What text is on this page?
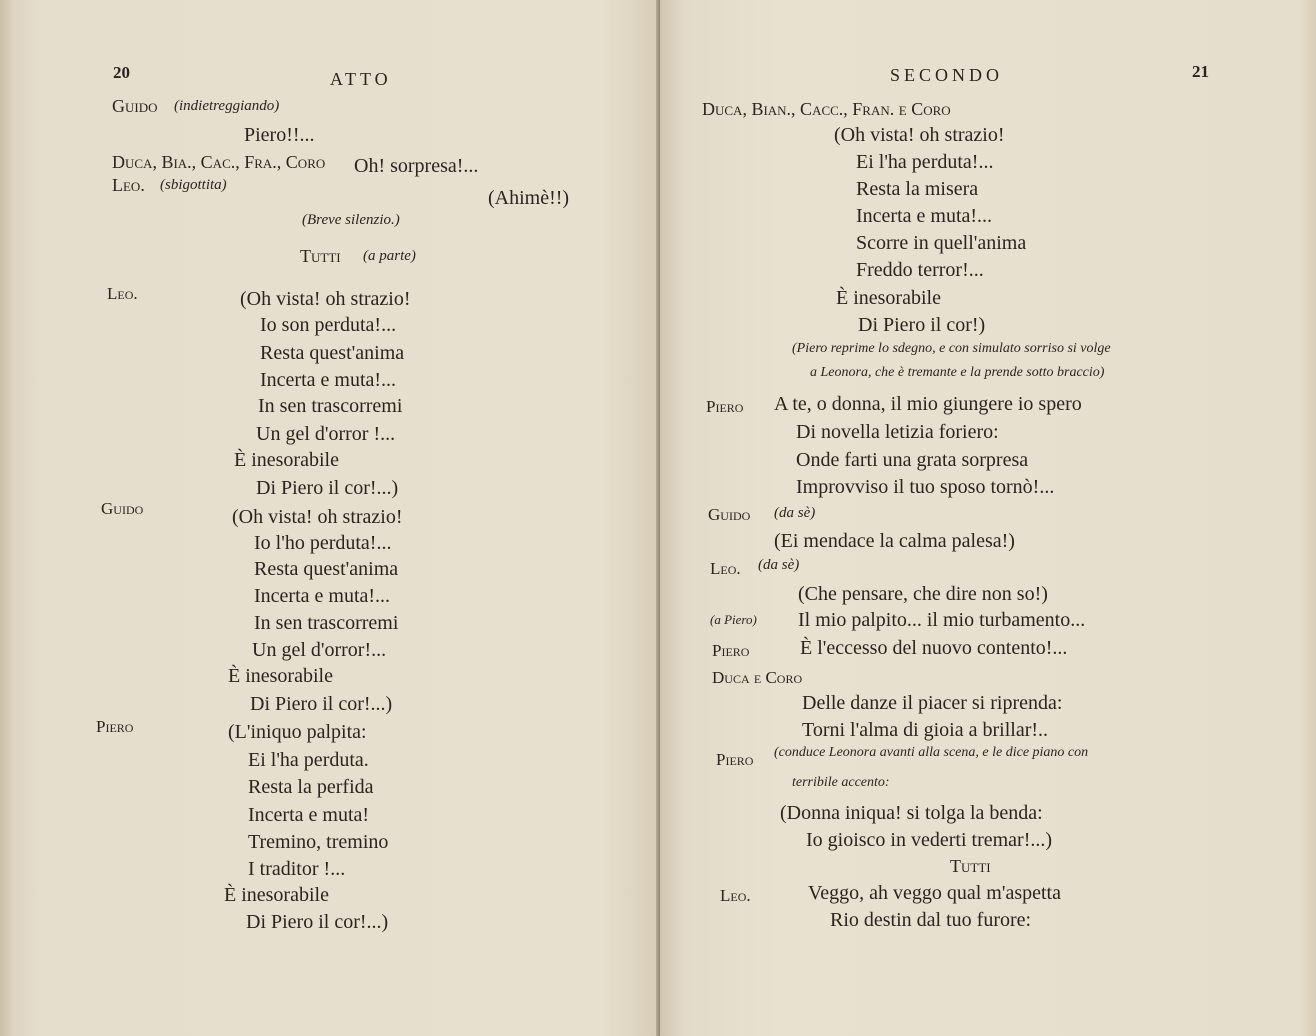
20	ATTO
Guido (indietreggiando)
Piero!!...
Duca, Bia., Cac., Fra., Coro Oh! sorpresa!...
Leo. (sbigottita)
(Ahimè!!)
(Breve silenzio.)
Tutti (a parte)
Leo.	(Oh vista! oh strazio!
Io son perduta!...
Resta quest'anima
Incerta e muta!...
In sen trascorremi
Un gel d'orror !...
È inesorabile
Di Piero il cor!...)
Guido	(Oh vista! oh strazio!
Io l'ho perduta!...
Resta quest'anima
Incerta e muta!...
In sen trascorremi
Un gel d'orror!...
È inesorabile
Di Piero il cor!...)
Piero	(L'iniquo palpita:
Ei l'ha perduta.
Resta la perfida
Incerta e muta!
Tremino, tremino
I traditor !...
È inesorabile
Di Piero il cor!...)
SECONDO	21
Duca, Bian., Cacc., Fran. e Coro
(Oh vista! oh strazio!
Ei l'ha perduta!...
Resta la misera
Incerta e muta!...
Scorre in quell'anima
Freddo terror!...
È inesorabile
Di Piero il cor!)
(Piero reprime lo sdegno, e con simulato sorriso si volge
a Leonora, che è tremante e la prende sotto braccio)
Piero A te, o donna, il mio giungere io spero
Di novella letizia foriero:
Onde farti una grata sorpresa
Improvviso il tuo sposo tornò!...
Guido (da sè)
(Ei mendace la calma palesa!)
Leo. (da sè)
(Che pensare, che dire non so!)
(a Piero) Il mio palpito... il mio turbamento...
Piero	È l'eccesso del nuovo contento!...
Duca e Coro
Delle danze il piacer si riprenda:
Torni l'alma di gioia a brillar!..
Piero (conduce Leonora avanti alla scena, e le dice piano con
terribile accento:
(Donna iniqua! si tolga la benda:
Io gioisco in vederti tremar!...)
Tutti
Leo.	Veggo, ah veggo qual m'aspetta
Rio destin dal tuo furore:
